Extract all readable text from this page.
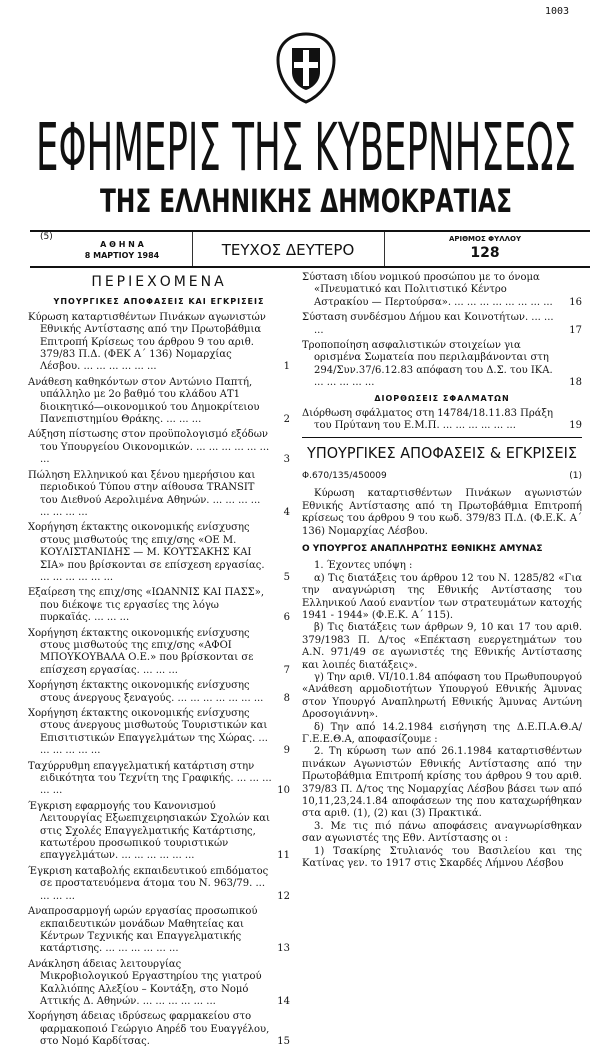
1003
ΕΦΗΜΕΡΙΣ ΤΗΣ ΚΥΒΕΡΝΗΣΕΩΣ
ΤΗΣ ΕΛΛΗΝΙΚΗΣ ΔΗΜΟΚΡΑΤΙΑΣ
(5)
Α Θ Η Ν Α
8 ΜΑΡΤΙΟΥ 1984	ΤΕΥΧΟΣ ΔΕΥΤΕΡΟ
ΑΡΙΘΜΟΣ ΦΥΛΛΟΥ
128
ΠΕΡΙΕΧΟΜΕΝΑ
ΥΠΟΥΡΓΙΚΕΣ ΑΠΟΦΑΣΕΙΣ ΚΑΙ ΕΓΚΡΙΣΕΙΣ
Κύρωση καταρτισθέντων Πινάκων αγωνιστών Εθνικής Αντίστασης από την Πρωτοβάθμια Επιτροπή Κρίσεως του άρθρου 9 του αριθ. 379/83 Π.Δ. (ΦΕΚ Α΄ 136) Νομαρχίας Λέσβου. ... ... ... ... ... ...	1
Ανάθεση καθηκόντων στον Αντώνιο Παπτή, υπάλληλο με 2ο βαθμό του κλάδου ΑΤ1 διοικητικό—οικονομικού του Δημοκρίτειου Πανεπιστημίου Θράκης. ... ... ...	2
Αύξηση πίστωσης στον προϋπολογισμό εξόδων του Υπουργείου Οικονομικών. ... ... ... ... ... ... ...	3
Πώληση Ελληνικού και ξένου ημερήσιου και περιοδικού Τύπου στην αίθουσα TRANSIT του Διεθνού Αερολιμένα Αθηνών. ... ... ... ... ... ... ... ...	4
Χορήγηση έκτακτης οικονομικής ενίσχυσης στους μισθωτούς της επιχ/σης «ΟΕ Μ. ΚΟΥΛΙΣΤΑΝΙΔΗΣ — Μ. ΚΟΥΤΣΑΚΗΣ ΚΑΙ ΣΙΑ» που βρίσκονται σε επίσχεση εργασίας. ... ... ... ... ... ...	5
Εξαίρεση της επιχ/σης «ΙΩΑΝΝΙΣ ΚΑΙ ΠΑΣΣ», που διέκοψε τις εργασίες της λόγω πυρκαϊάς. ... ... ...	6
Χορήγηση έκτακτης οικονομικής ενίσχυσης στους μισθωτούς της επιχ/σης «ΑΦΟΙ ΜΠΟΥΚΟΥΒΑΛΑ Ο.Ε.» που βρίσκονται σε επίσχεση εργασίας. ... ... ...	7
Χορήγηση έκτακτης οικονομικής ενίσχυσης στους άνεργους ξεναγούς. ... ... ... ... ... ... ... 8
Χορήγηση έκτακτης οικονομικής ενίσχυσης στους άνεργους μισθωτούς Τουριστικών και Επισιτιστικών Επαγγελμάτων της Χώρας. ... ... ... ... ... ...	9
Ταχύρρυθμη επαγγελματική κατάρτιση στην ειδικότητα του Τεχνίτη της Γραφικής. ... ... ... ... ...	10
Έγκριση εφαρμογής του Κανονισμού Λειτουργίας Εξωεπιχειρησιακών Σχολών και στις Σχολές Επαγγελματικής Κατάρτισης, κατωτέρου προσωπικού τουριστικών επαγγελμάτων. ... ... ... ... ... ...	11
Έγκριση καταβολής εκπαιδευτικού επιδόματος σε προστατευόμενα άτομα του Ν. 963/79. ... ... ... ...	12
Αναπροσαρμογή ωρών εργασίας προσωπικού εκπαιδευτικών μονάδων Μαθητείας και Κέντρων Τεχνικής και Επαγγελματικής κατάρτισης. ... ... ... ... ... ...	13
Ανάκληση άδειας λειτουργίας Μικροβιολογικού Εργαστηρίου της γιατρού Καλλιόπης Αλεξίου – Κοντάξη, στο Νομό Αττικής Δ. Αθηνών. ... ... ... ... ... ...	14
Χορήγηση άδειας ιδρύσεως φαρμακείου στο φαρμακοποιό Γεώργιο Αηρέδ του Ευαγγέλου, στο Νομό Καρδίτσας.	15
Σύσταση ιδίου νομικού προσώπου με το όνομα «Πνευματικό και Πολιτιστικό Κέντρο Αστρακίου — Περτούρσα». ... ... ... ... ... ... ... ... 16
Σύσταση συνδέσμου Δήμου και Κοινοτήτων. ... ... ...	17
Τροποποίηση ασφαλιστικών στοιχείων για ορισμένα Σωματεία που περιλαμβάνονται στη 294/Συν.37/6.12.83 απόφαση του Δ.Σ. του ΙΚΑ. ... ... ... ... ...	18
ΔΙΟΡΘΩΣΕΙΣ ΣΦΑΛΜΑΤΩΝ
Διόρθωση σφάλματος στη 14784/18.11.83 Πράξη του Πρύτανη του Ε.Μ.Π. ... ... ... ... ... ...	19
ΥΠΟΥΡΓΙΚΕΣ ΑΠΟΦΑΣΕΙΣ & ΕΓΚΡΙΣΕΙΣ
Φ.670/135/450009	(1)
Κύρωση καταρτισθέντων Πινάκων αγωνιστών Εθνικής Αντίστασης από τη Πρωτοβάθμια Επιτροπή κρίσεως του άρθρου 9 του κωδ. 379/83 Π.Δ. (Φ.Ε.Κ. Α΄ 136) Νομαρχίας Λέσβου.
Ο ΥΠΟΥΡΓΟΣ ΑΝΑΠΛΗΡΩΤΗΣ ΕΘΝΙΚΗΣ ΑΜΥΝΑΣ
1. Έχοντες υπόψη :
α) Τις διατάξεις του άρθρου 12 του Ν. 1285/82 «Για την αναγνώριση της Εθνικής Αντίστασης του Ελληνικού Λαού εναντίον των στρατευμάτων κατοχής 1941 - 1944» (Φ.Ε.Κ. Α΄ 115).
β) Τις διατάξεις των άρθρων 9, 10 και 17 του αριθ. 379/1983 Π. Δ/τος «Επέκταση ευεργετημάτων του Α.Ν. 971/49 σε αγωνιστές της Εθνικής Αντίστασης και λοιπές διατάξεις».
γ) Την αριθ. VI/10.1.84 απόφαση του Πρωθυπουργού «Ανάθεση αρμοδιοτήτων Υπουργού Εθνικής Άμυνας στον Υπουργό Αναπληρωτή Εθνικής Άμυνας Αντώνη Δροσογιάννη».
δ) Την από 14.2.1984 εισήγηση της Δ.Ε.Π.Α.Θ.Α/ Γ.Ε.Ε.Θ.Α, αποφασίζουμε :
2. Τη κύρωση των από 26.1.1984 καταρτισθέντων πινάκων Αγωνιστών Εθνικής Αντίστασης από την Πρωτοβάθμια Επιτροπή κρίσης του άρθρου 9 του αριθ. 379/83 Π. Δ/τος της Νομαρχίας Λέσβου βάσει των από 10,11,23,24.1.84 αποφάσεων της που καταχωρήθηκαν στα αριθ. (1), (2) και (3) Πρακτικά.
3. Με τις πιό πάνω αποφάσεις αναγνωρίσθηκαν σαν αγωνιστές της Εθν. Αντίστασης οι :
1) Τσακίρης Στυλιανός του Βασιλείου και της Κατίνας γεν. το 1917 στις Σκαρδές Λήμνου Λέσβου
